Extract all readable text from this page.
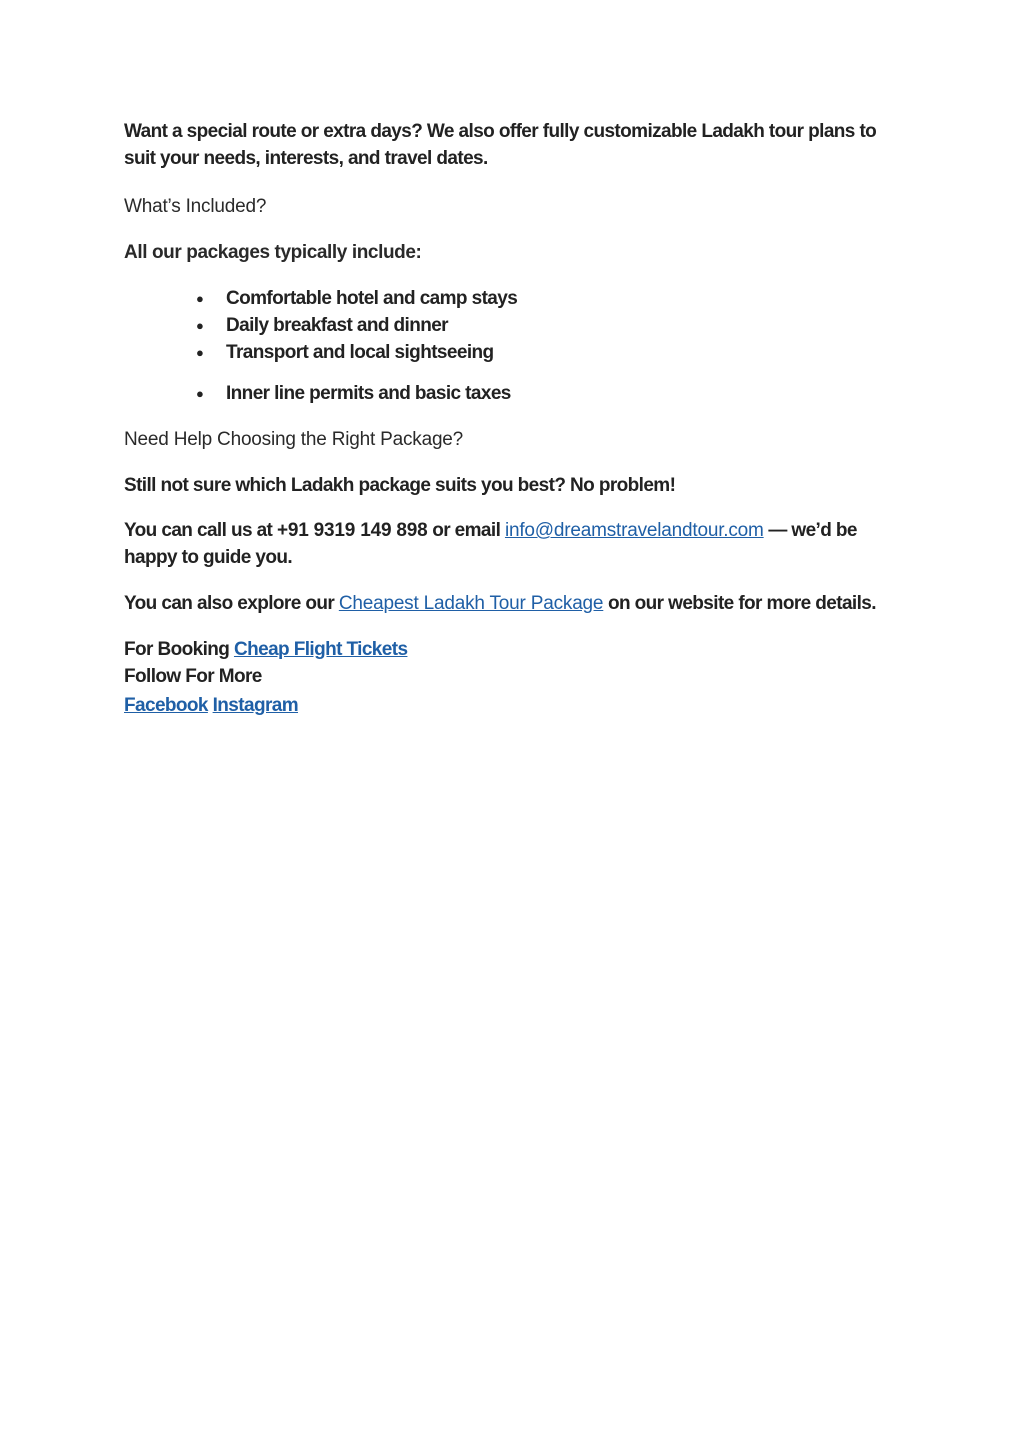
Want a special route or extra days? We also offer fully customizable Ladakh tour plans to suit your needs, interests, and travel dates.

What’s Included?

All our packages typically include:

● Comfortable hotel and camp stays
● Daily breakfast and dinner
● Transport and local sightseeing
● Inner line permits and basic taxes

Need Help Choosing the Right Package?

Still not sure which Ladakh package suits you best? No problem!

You can call us at +91 9319 149 898 or email info@dreamstravelandtour.com — we’d be happy to guide you.

You can also explore our Cheapest Ladakh Tour Package on our website for more details.

For Booking Cheap Flight Tickets

Follow For More

Facebook Instagram
